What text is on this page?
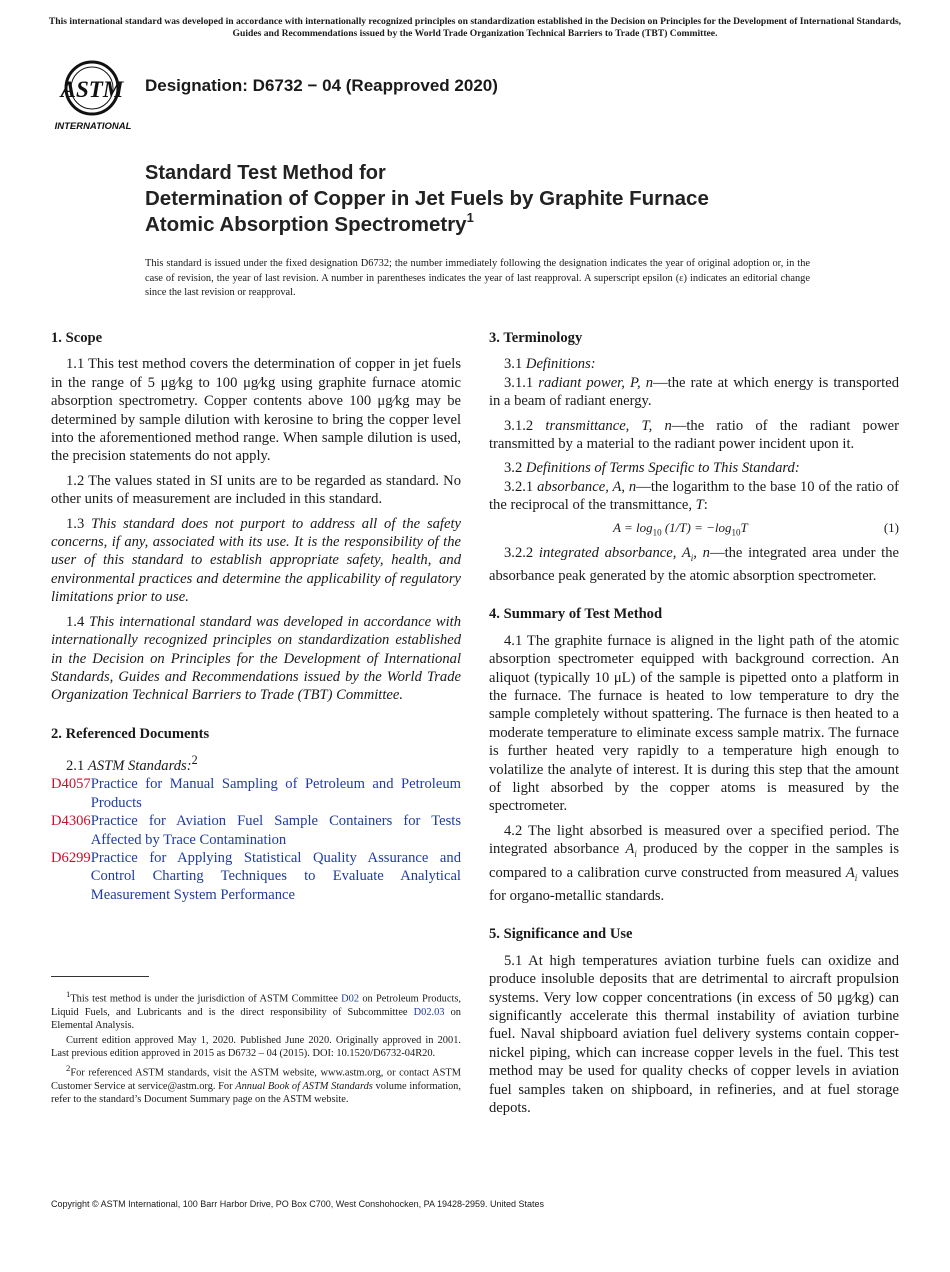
This international standard was developed in accordance with internationally recognized principles on standardization established in the Decision on Principles for the Development of International Standards, Guides and Recommendations issued by the World Trade Organization Technical Barriers to Trade (TBT) Committee.
ASTM
INTERNATIONAL
Designation: D6732 − 04 (Reapproved 2020)
Standard Test Method for
Determination of Copper in Jet Fuels by Graphite Furnace
Atomic Absorption Spectrometry$^1$
This standard is issued under the fixed designation D6732; the number immediately following the designation indicates the year of original adoption or, in the case of revision, the year of last revision. A number in parentheses indicates the year of last reapproval. A superscript epsilon (ε) indicates an editorial change since the last revision or reapproval.
1. Scope

1.1 This test method covers the determination of copper in jet fuels in the range of 5 μg⁄kg to 100 μg⁄kg using graphite furnace atomic absorption spectrometry. Copper contents above 100 μg⁄kg may be determined by sample dilution with kerosine to bring the copper level into the aforementioned method range. When sample dilution is used, the precision statements do not apply.

1.2 The values stated in SI units are to be regarded as standard. No other units of measurement are included in this standard.

1.3 This standard does not purport to address all of the safety concerns, if any, associated with its use. It is the responsibility of the user of this standard to establish appropriate safety, health, and environmental practices and determine the applicability of regulatory limitations prior to use.

1.4 This international standard was developed in accordance with internationally recognized principles on standardization established in the Decision on Principles for the Development of International Standards, Guides and Recommendations issued by the World Trade Organization Technical Barriers to Trade (TBT) Committee.

2. Referenced Documents

2.1 ASTM Standards:$^2$

D4057 Practice for Manual Sampling of Petroleum and Petroleum Products
D4306 Practice for Aviation Fuel Sample Containers for Tests Affected by Trace Contamination
D6299 Practice for Applying Statistical Quality Assurance and Control Charting Techniques to Evaluate Analytical Measurement System Performance

$^1$This test method is under the jurisdiction of ASTM Committee D02 on Petroleum Products, Liquid Fuels, and Lubricants and is the direct responsibility of Subcommittee D02.03 on Elemental Analysis.

Current edition approved May 1, 2020. Published June 2020. Originally approved in 2001. Last previous edition approved in 2015 as D6732 – 04 (2015). DOI: 10.1520/D6732-04R20.

$^2$For referenced ASTM standards, visit the ASTM website, www.astm.org, or contact ASTM Customer Service at service@astm.org. For Annual Book of ASTM Standards volume information, refer to the standard’s Document Summary page on the ASTM website.

3. Terminology

3.1 Definitions:

3.1.1 radiant power, P, n—the rate at which energy is transported in a beam of radiant energy.

3.1.2 transmittance, T, n—the ratio of the radiant power transmitted by a material to the radiant power incident upon it.

3.2 Definitions of Terms Specific to This Standard:

3.2.1 absorbance, A, n—the logarithm to the base 10 of the ratio of the reciprocal of the transmittance, T:

$A = \log_{10} (1/T) = -\log_{10}T$	(1)

3.2.2 integrated absorbance, $A_i$, n—the integrated area under the absorbance peak generated by the atomic absorption spectrometer.

4. Summary of Test Method

4.1 The graphite furnace is aligned in the light path of the atomic absorption spectrometer equipped with background correction. An aliquot (typically 10 μL) of the sample is pipetted onto a platform in the furnace. The furnace is heated to low temperature to dry the sample completely without spattering. The furnace is then heated to a moderate temperature to eliminate excess sample matrix. The furnace is further heated very rapidly to a temperature high enough to volatilize the analyte of interest. It is during this step that the amount of light absorbed by the copper atoms is measured by the spectrometer.

4.2 The light absorbed is measured over a specified period. The integrated absorbance $A_i$ produced by the copper in the samples is compared to a calibration curve constructed from measured $A_i$ values for organo-metallic standards.

5. Significance and Use

5.1 At high temperatures aviation turbine fuels can oxidize and produce insoluble deposits that are detrimental to aircraft propulsion systems. Very low copper concentrations (in excess of 50 μg⁄kg) can significantly accelerate this thermal instability of aviation turbine fuel. Naval shipboard aviation fuel delivery systems contain copper-nickel piping, which can increase copper levels in the fuel. This test method may be used for quality checks of copper levels in aviation fuel samples taken on shipboard, in refineries, and at fuel storage depots.

Copyright © ASTM International, 100 Barr Harbor Drive, PO Box C700, West Conshohocken, PA 19428-2959. United States
